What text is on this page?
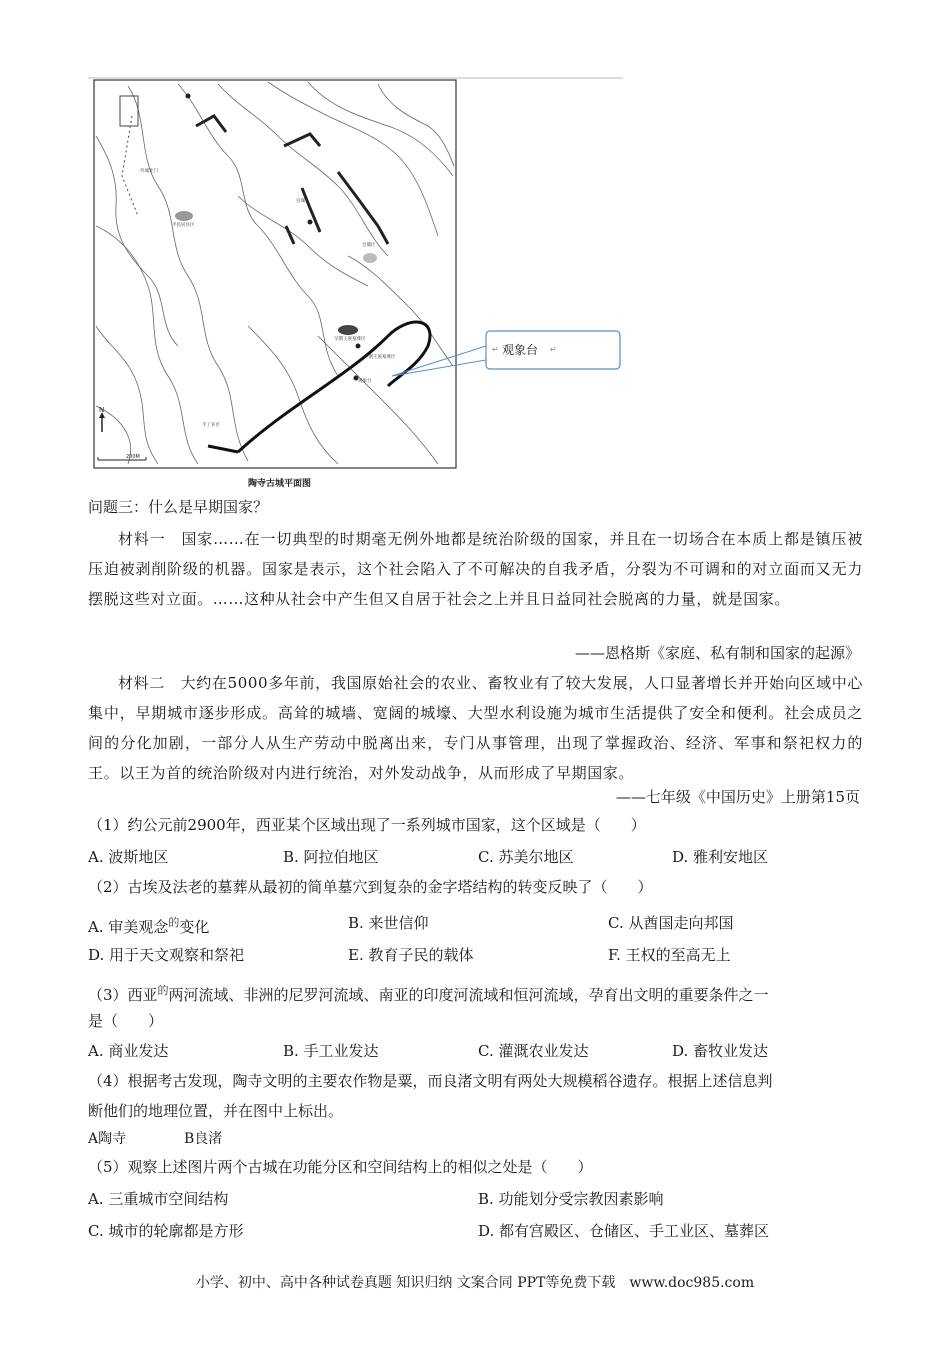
宫城
仓储区
平民居住区
早期王族墓葬区
中期王族墓葬区
手工业区
观象台
外城北门
200M
N
↵ 观象台 ↵
陶寺古城平面图
问题三：什么是早期国家？
材料一　国家……在一切典型的时期毫无例外地都是统治阶级的国家，并且在一切场合在本质上都是镇压被压迫被剥削阶级的机器。国家是表示，这个社会陷入了不可解决的自我矛盾，分裂为不可调和的对立面而又无力摆脱这些对立面。……这种从社会中产生但又自居于社会之上并且日益同社会脱离的力量，就是国家。
——恩格斯《家庭、私有制和国家的起源》
材料二　大约在5000多年前，我国原始社会的农业、畜牧业有了较大发展，人口显著增长并开始向区域中心集中，早期城市逐步形成。高耸的城墙、宽阔的城壕、大型水利设施为城市生活提供了安全和便利。社会成员之间的分化加剧，一部分人从生产劳动中脱离出来，专门从事管理，出现了掌握政治、经济、军事和祭祀权力的王。以王为首的统治阶级对内进行统治，对外发动战争，从而形成了早期国家。
——七年级《中国历史》上册第15页
（1）约公元前2900年，西亚某个区域出现了一系列城市国家，这个区域是（　　）
A. 波斯地区	B. 阿拉伯地区	C. 苏美尔地区	D. 雅利安地区
（2）古埃及法老的墓葬从最初的简单墓穴到复杂的金字塔结构的转变反映了（　　）
A. 审美观念$^的$变化	B. 来世信仰	C. 从酋国走向邦国
D. 用于天文观察和祭祀	E. 教育子民的载体	F. 王权的至高无上
（3）西亚$^的$两河流域、非洲的尼罗河流域、南亚的印度河流域和恒河流域，孕育出文明的重要条件之一
是（　　）
A. 商业发达	B. 手工业发达	C. 灌溉农业发达	D. 畜牧业发达
（4）根据考古发现，陶寺文明的主要农作物是粟，而良渚文明有两处大规模稻谷遗存。根据上述信息判
断他们的地理位置，并在图中上标出。
A陶寺	B良渚
（5）观察上述图片两个古城在功能分区和空间结构上的相似之处是（　　）
A. 三重城市空间结构	B. 功能划分受宗教因素影响
C. 城市的轮廓都是方形	D. 都有宫殿区、仓储区、手工业区、墓葬区
小学、初中、高中各种试卷真题 知识归纳 文案合同 PPT等免费下载　www.doc985.com
